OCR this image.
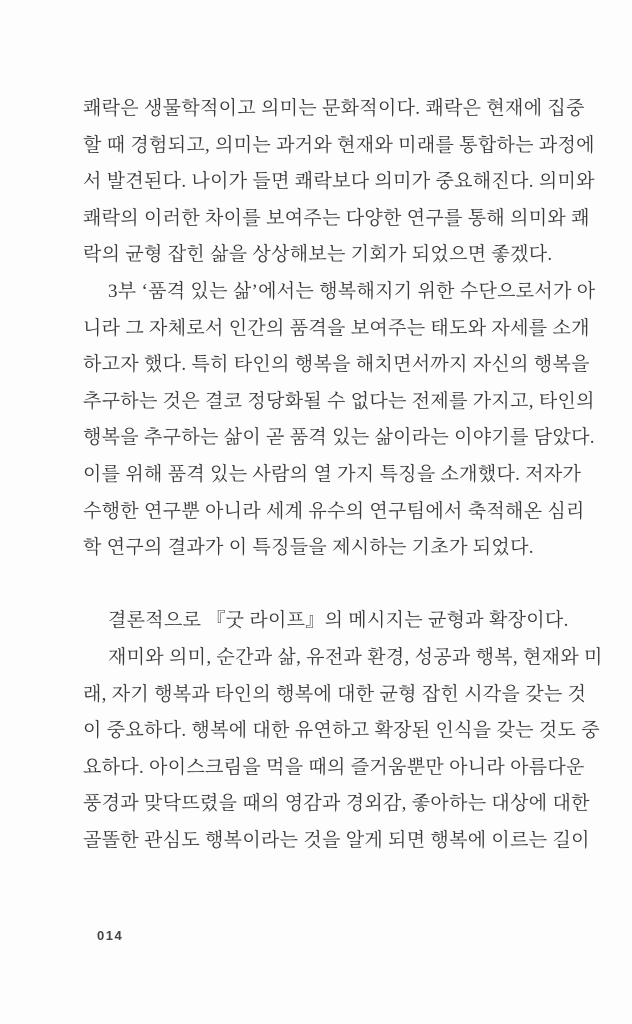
쾌락은 생물학적이고 의미는 문화적이다. 쾌락은 현재에 집중
할 때 경험되고, 의미는 과거와 현재와 미래를 통합하는 과정에
서 발견된다. 나이가 들면 쾌락보다 의미가 중요해진다. 의미와
쾌락의 이러한 차이를 보여주는 다양한 연구를 통해 의미와 쾌
락의 균형 잡힌 삶을 상상해보는 기회가 되었으면 좋겠다.
3부 ‘품격 있는 삶’에서는 행복해지기 위한 수단으로서가 아
니라 그 자체로서 인간의 품격을 보여주는 태도와 자세를 소개
하고자 했다. 특히 타인의 행복을 해치면서까지 자신의 행복을
추구하는 것은 결코 정당화될 수 없다는 전제를 가지고, 타인의
행복을 추구하는 삶이 곧 품격 있는 삶이라는 이야기를 담았다.
이를 위해 품격 있는 사람의 열 가지 특징을 소개했다. 저자가
수행한 연구뿐 아니라 세계 유수의 연구팀에서 축적해온 심리
학 연구의 결과가 이 특징들을 제시하는 기초가 되었다.
결론적으로 『굿 라이프』의 메시지는 균형과 확장이다.
재미와 의미, 순간과 삶, 유전과 환경, 성공과 행복, 현재와 미
래, 자기 행복과 타인의 행복에 대한 균형 잡힌 시각을 갖는 것
이 중요하다. 행복에 대한 유연하고 확장된 인식을 갖는 것도 중
요하다. 아이스크림을 먹을 때의 즐거움뿐만 아니라 아름다운
풍경과 맞닥뜨렸을 때의 영감과 경외감, 좋아하는 대상에 대한
골똘한 관심도 행복이라는 것을 알게 되면 행복에 이르는 길이
014
